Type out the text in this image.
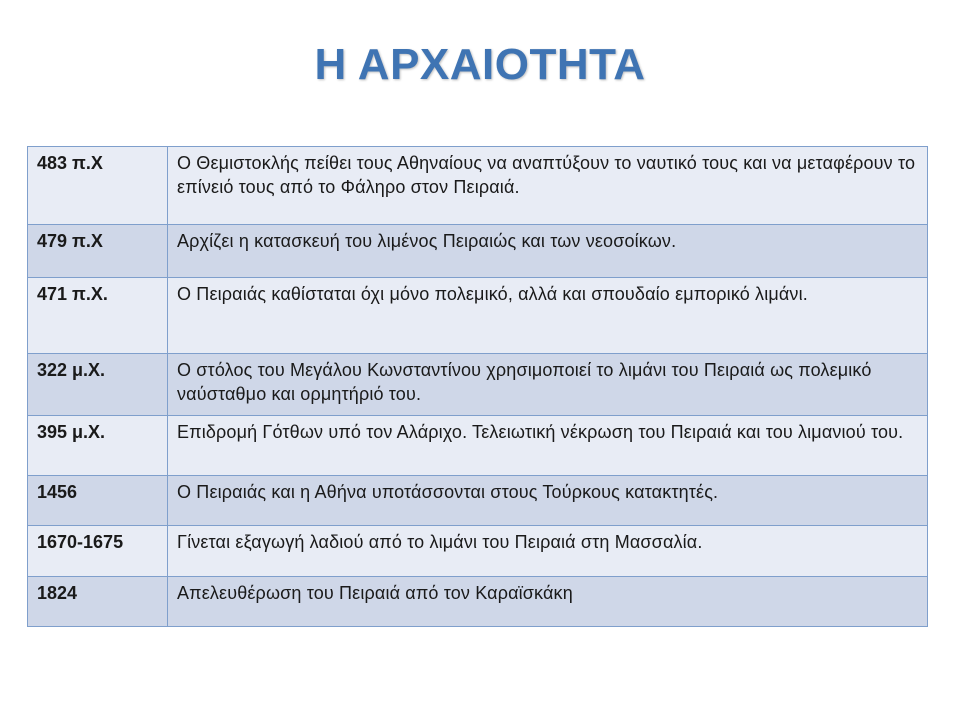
Η ΑΡΧΑΙΟΤΗΤΑ
483 π.Χ	Ο Θεμιστοκλής πείθει τους Αθηναίους να αναπτύξουν το ναυτικό τους και να μεταφέρουν το επίνειό τους από το Φάληρο στον Πειραιά.
479 π.Χ	Αρχίζει η κατασκευή του λιμένος Πειραιώς και των νεοσοίκων.
471 π.Χ.	Ο Πειραιάς καθίσταται όχι μόνο πολεμικό, αλλά και σπουδαίο εμπορικό λιμάνι.
322 μ.Χ.	Ο στόλος του Μεγάλου Κωνσταντίνου χρησιμοποιεί το λιμάνι του Πειραιά ως πολεμικό ναύσταθμο και ορμητήριό του.
395 μ.Χ.	Επιδρομή Γότθων υπό τον Αλάριχο. Τελειωτική νέκρωση του Πειραιά και του λιμανιού του.
1456	Ο Πειραιάς και η Αθήνα υποτάσσονται στους Τούρκους κατακτητές.
1670-1675	Γίνεται εξαγωγή λαδιού από το λιμάνι του Πειραιά στη Μασσαλία.
1824	Απελευθέρωση του Πειραιά από τον Καραϊσκάκη
